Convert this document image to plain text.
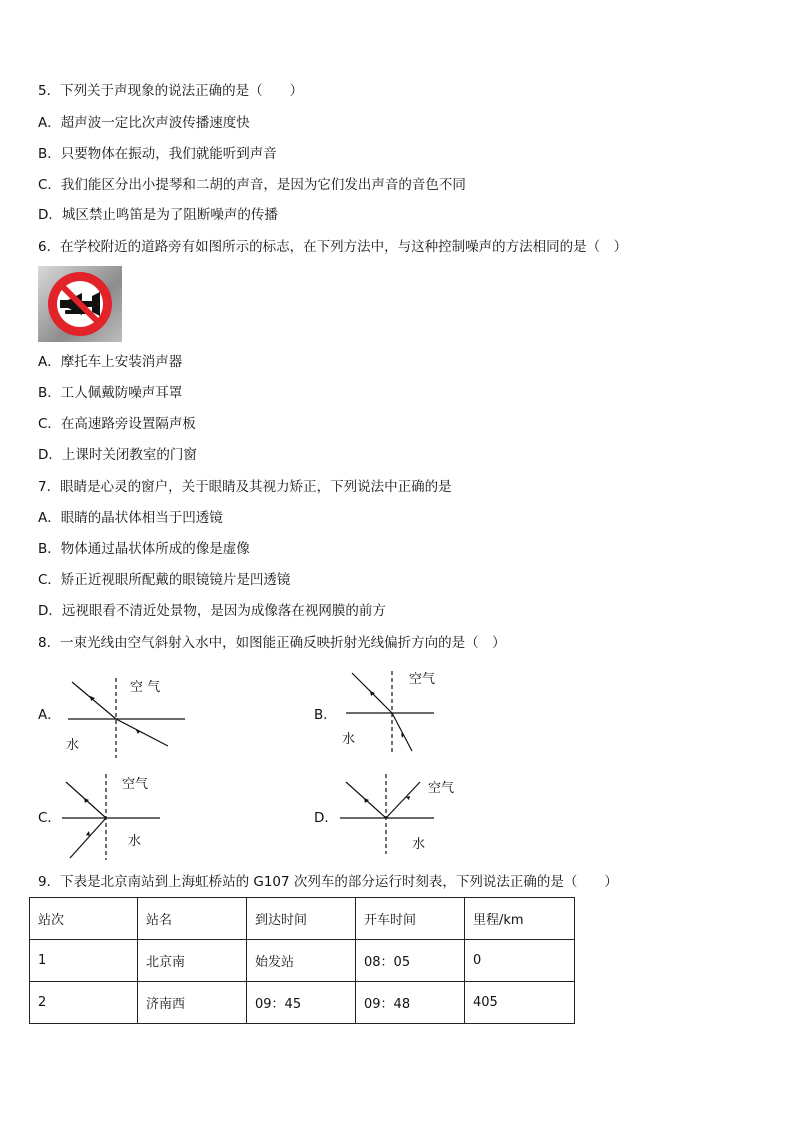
5．下列关于声现象的说法正确的是（　　）
A．超声波一定比次声波传播速度快
B．只要物体在振动，我们就能听到声音
C．我们能区分出小提琴和二胡的声音，是因为它们发出声音的音色不同
D．城区禁止鸣笛是为了阻断噪声的传播
6．在学校附近的道路旁有如图所示的标志，在下列方法中，与这种控制噪声的方法相同的是（　）
A．摩托车上安装消声器
B．工人佩戴防噪声耳罩
C．在高速路旁设置隔声板
D．上课时关闭教室的门窗
7．眼睛是心灵的窗户，关于眼睛及其视力矫正，下列说法中正确的是
A．眼睛的晶状体相当于凹透镜
B．物体通过晶状体所成的像是虚像
C．矫正近视眼所配戴的眼镜镜片是凹透镜
D．远视眼看不清近处景物，是因为成像落在视网膜的前方
8．一束光线由空气斜射入水中，如图能正确反映折射光线偏折方向的是（　）
A．
空 气
水
B．
空气
水
C．
空气
水
D．
空气
水
9．下表是北京南站到上海虹桥站的 G107 次列车的部分运行时刻表，下列说法正确的是（　　）
站次	站名	到达时间	开车时间	里程/km
1	北京南	始发站	08：05	0
2	济南西	09：45	09：48	405
